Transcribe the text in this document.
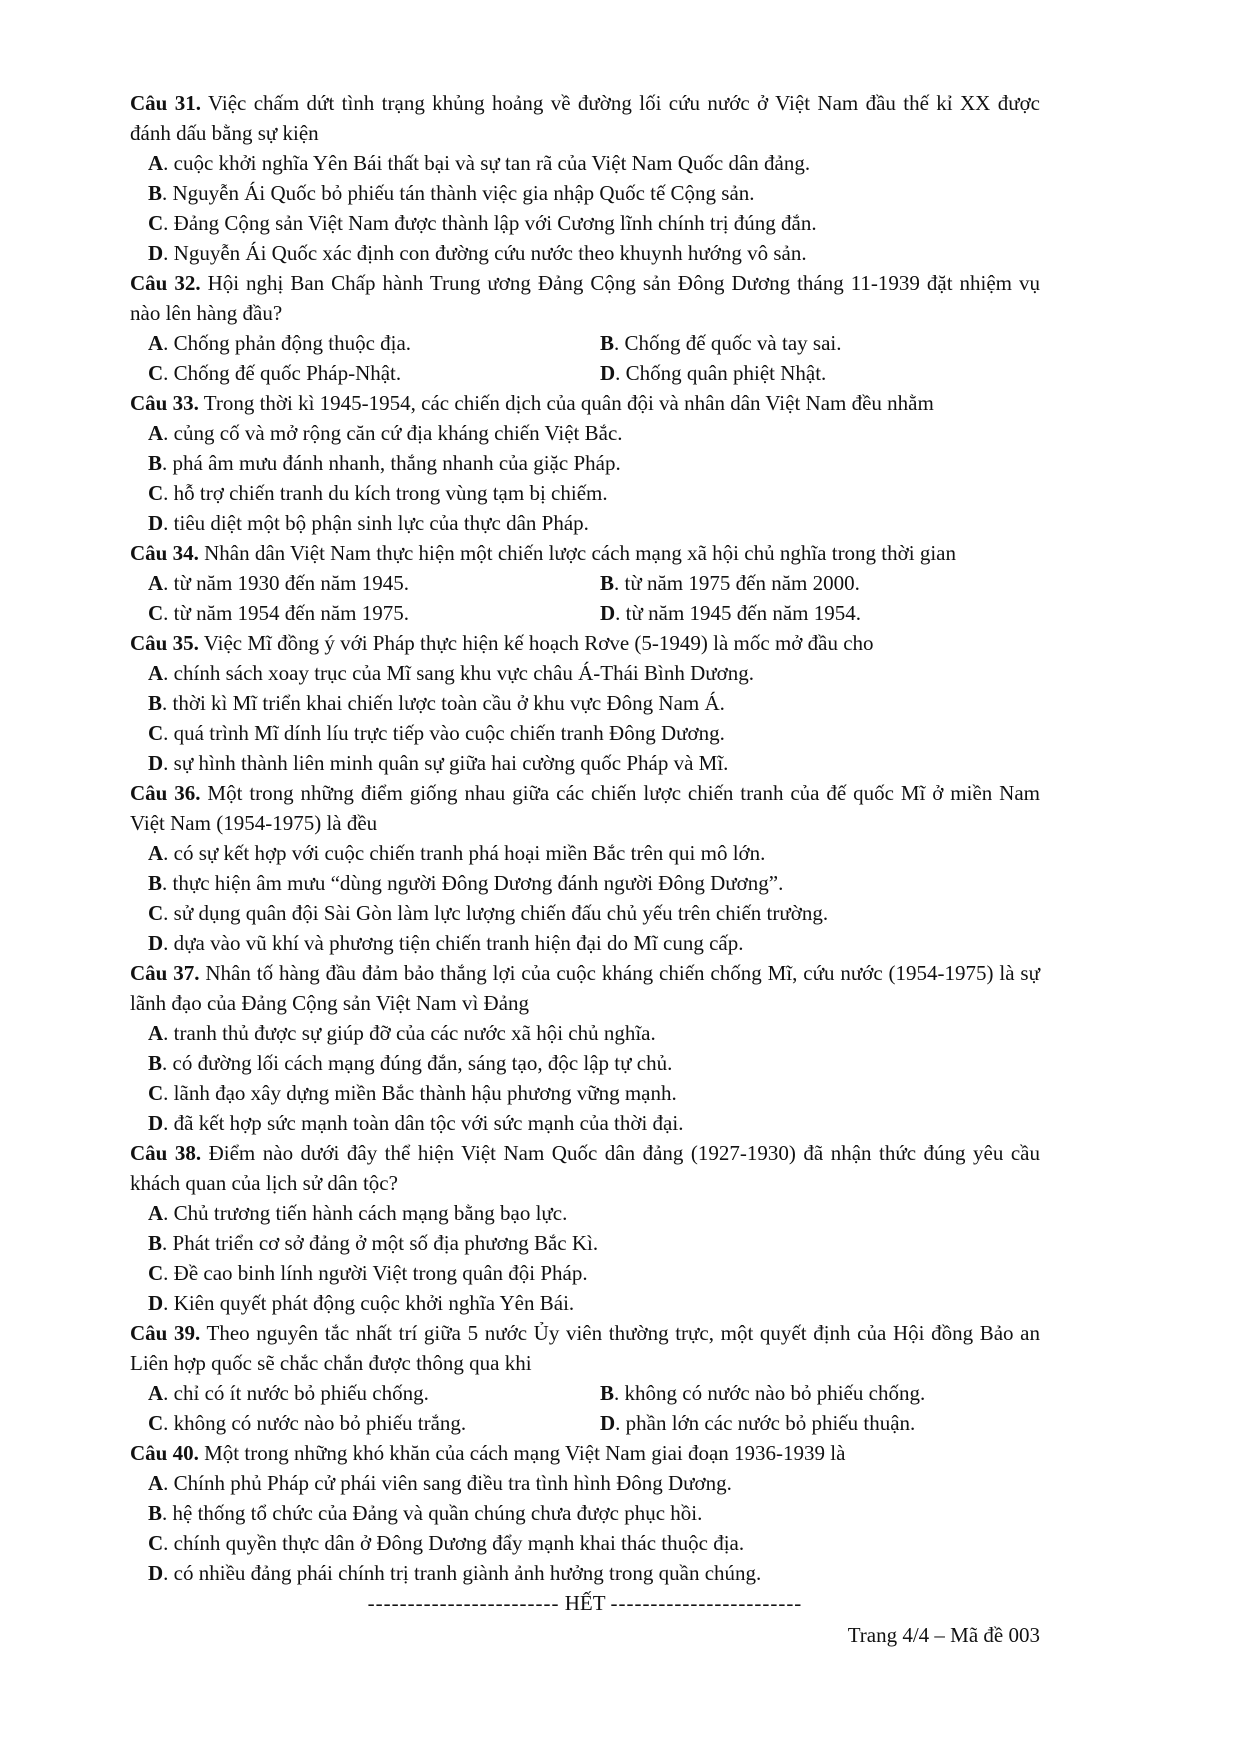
Câu 31. Việc chấm dứt tình trạng khủng hoảng về đường lối cứu nước ở Việt Nam đầu thế kỉ XX được đánh dấu bằng sự kiện

A. cuộc khởi nghĩa Yên Bái thất bại và sự tan rã của Việt Nam Quốc dân đảng.
B. Nguyễn Ái Quốc bỏ phiếu tán thành việc gia nhập Quốc tế Cộng sản.
C. Đảng Cộng sản Việt Nam được thành lập với Cương lĩnh chính trị đúng đắn.
D. Nguyễn Ái Quốc xác định con đường cứu nước theo khuynh hướng vô sản.

Câu 32. Hội nghị Ban Chấp hành Trung ương Đảng Cộng sản Đông Dương tháng 11-1939 đặt nhiệm vụ nào lên hàng đầu?

A. Chống phản động thuộc địa.	B. Chống đế quốc và tay sai.
C. Chống đế quốc Pháp-Nhật.	D. Chống quân phiệt Nhật.

Câu 33. Trong thời kì 1945-1954, các chiến dịch của quân đội và nhân dân Việt Nam đều nhằm

A. củng cố và mở rộng căn cứ địa kháng chiến Việt Bắc.
B. phá âm mưu đánh nhanh, thắng nhanh của giặc Pháp.
C. hỗ trợ chiến tranh du kích trong vùng tạm bị chiếm.
D. tiêu diệt một bộ phận sinh lực của thực dân Pháp.

Câu 34. Nhân dân Việt Nam thực hiện một chiến lược cách mạng xã hội chủ nghĩa trong thời gian

A. từ năm 1930 đến năm 1945.	B. từ năm 1975 đến năm 2000.
C. từ năm 1954 đến năm 1975.	D. từ năm 1945 đến năm 1954.

Câu 35. Việc Mĩ đồng ý với Pháp thực hiện kế hoạch Rơve (5-1949) là mốc mở đầu cho

A. chính sách xoay trục của Mĩ sang khu vực châu Á-Thái Bình Dương.
B. thời kì Mĩ triển khai chiến lược toàn cầu ở khu vực Đông Nam Á.
C. quá trình Mĩ dính líu trực tiếp vào cuộc chiến tranh Đông Dương.
D. sự hình thành liên minh quân sự giữa hai cường quốc Pháp và Mĩ.

Câu 36. Một trong những điểm giống nhau giữa các chiến lược chiến tranh của đế quốc Mĩ ở miền Nam Việt Nam (1954-1975) là đều

A. có sự kết hợp với cuộc chiến tranh phá hoại miền Bắc trên qui mô lớn.
B. thực hiện âm mưu “dùng người Đông Dương đánh người Đông Dương”.
C. sử dụng quân đội Sài Gòn làm lực lượng chiến đấu chủ yếu trên chiến trường.
D. dựa vào vũ khí và phương tiện chiến tranh hiện đại do Mĩ cung cấp.

Câu 37. Nhân tố hàng đầu đảm bảo thắng lợi của cuộc kháng chiến chống Mĩ, cứu nước (1954-1975) là sự lãnh đạo của Đảng Cộng sản Việt Nam vì Đảng

A. tranh thủ được sự giúp đỡ của các nước xã hội chủ nghĩa.
B. có đường lối cách mạng đúng đắn, sáng tạo, độc lập tự chủ.
C. lãnh đạo xây dựng miền Bắc thành hậu phương vững mạnh.
D. đã kết hợp sức mạnh toàn dân tộc với sức mạnh của thời đại.

Câu 38. Điểm nào dưới đây thể hiện Việt Nam Quốc dân đảng (1927-1930) đã nhận thức đúng yêu cầu khách quan của lịch sử dân tộc?

A. Chủ trương tiến hành cách mạng bằng bạo lực.
B. Phát triển cơ sở đảng ở một số địa phương Bắc Kì.
C. Đề cao binh lính người Việt trong quân đội Pháp.
D. Kiên quyết phát động cuộc khởi nghĩa Yên Bái.

Câu 39. Theo nguyên tắc nhất trí giữa 5 nước Ủy viên thường trực, một quyết định của Hội đồng Bảo an Liên hợp quốc sẽ chắc chắn được thông qua khi

A. chỉ có ít nước bỏ phiếu chống.	B. không có nước nào bỏ phiếu chống.
C. không có nước nào bỏ phiếu trắng.	D. phần lớn các nước bỏ phiếu thuận.

Câu 40. Một trong những khó khăn của cách mạng Việt Nam giai đoạn 1936-1939 là

A. Chính phủ Pháp cử phái viên sang điều tra tình hình Đông Dương.
B. hệ thống tổ chức của Đảng và quần chúng chưa được phục hồi.
C. chính quyền thực dân ở Đông Dương đẩy mạnh khai thác thuộc địa.
D. có nhiều đảng phái chính trị tranh giành ảnh hưởng trong quần chúng.
------------------------ HẾT ------------------------
Trang 4/4 – Mã đề 003
